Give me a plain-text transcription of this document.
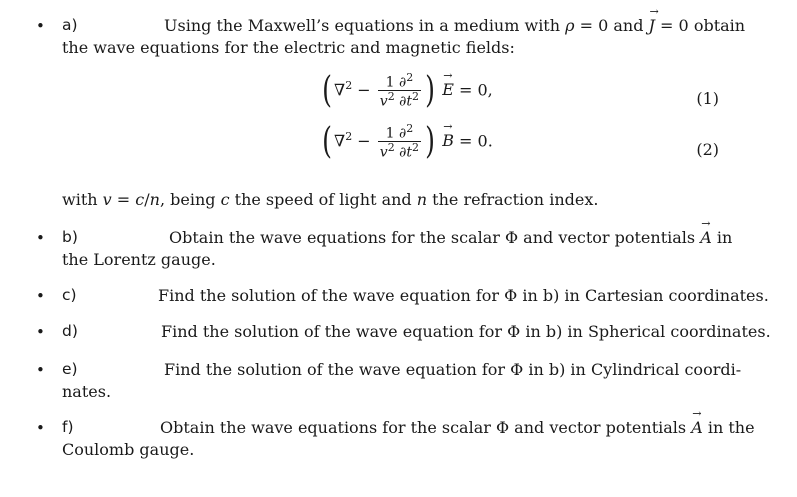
• a)	Using the Maxwell’s equations in a medium with ρ = 0 and → J = 0 obtain
the wave equations for the electric and magnetic fields:
( $\nabla^2 - \frac{1 \partial^2}{v^2 \partial t^2}$ ) → E = 0,	(1)
( $\nabla^2 - \frac{1 \partial^2}{v^2 \partial t^2}$ ) → B = 0.	(2)
with v = c/n, being c the speed of light and n the refraction index.
• b)	Obtain the wave equations for the scalar Φ and vector potentials → A in
the Lorentz gauge.
• c)	Find the solution of the wave equation for Φ in b) in Cartesian coordinates.
• d)	Find the solution of the wave equation for Φ in b) in Spherical coordinates.
• e)	Find the solution of the wave equation for Φ in b) in Cylindrical coordi-
nates.
• f)	Obtain the wave equations for the scalar Φ and vector potentials → A in the
Coulomb gauge.
